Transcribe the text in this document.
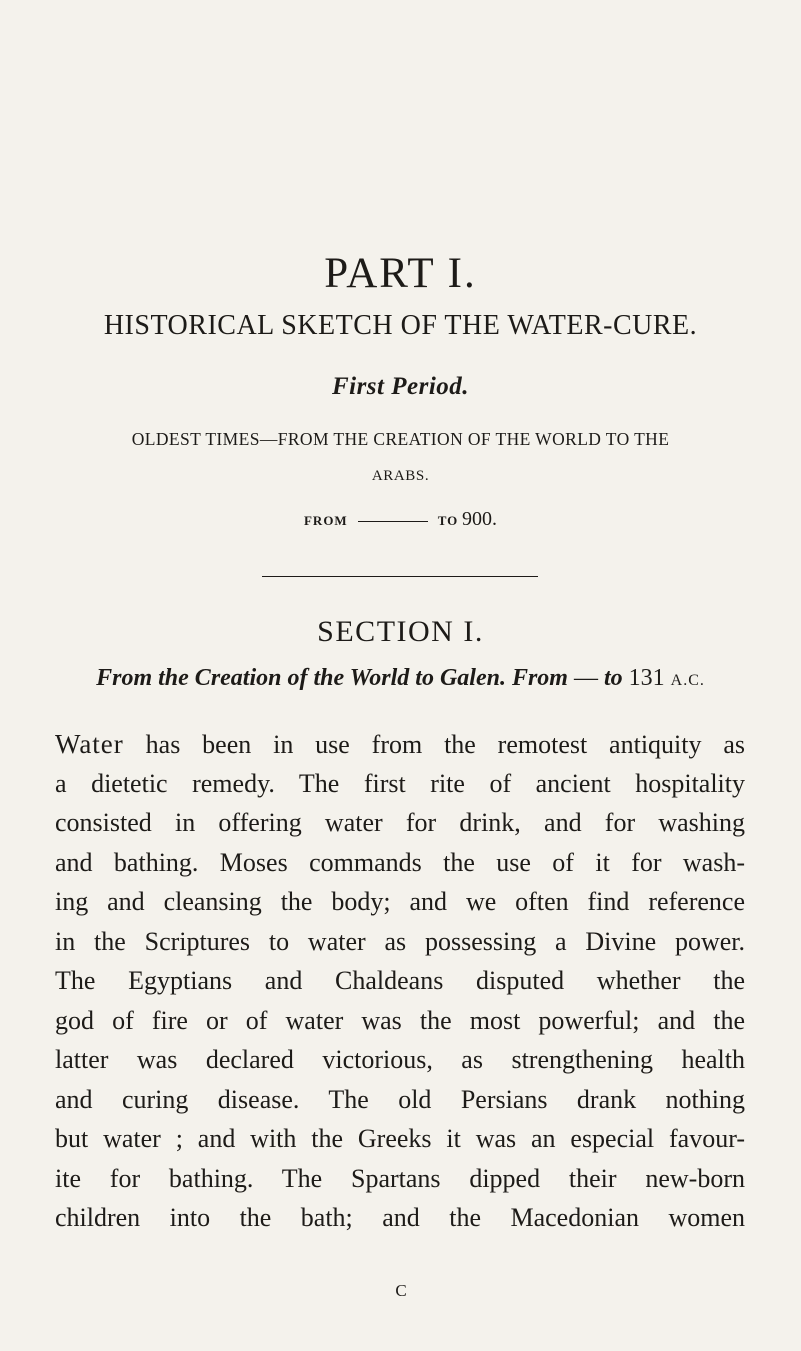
PART I.
HISTORICAL SKETCH OF THE WATER-CURE.
First Period.
OLDEST TIMES—FROM THE CREATION OF THE WORLD TO THE
ARABS.
FROM	TO 900.
SECTION I.
From the Creation of the World to Galen. From — to 131 A.C.
Water has been in use from the remotest antiquity as
a dietetic remedy. The first rite of ancient hospitality
consisted in offering water for drink, and for washing
and bathing. Moses commands the use of it for wash-
ing and cleansing the body; and we often find reference
in the Scriptures to water as possessing a Divine power.
The Egyptians and Chaldeans disputed whether the
god of fire or of water was the most powerful; and the
latter was declared victorious, as strengthening health
and curing disease. The old Persians drank nothing
but water ; and with the Greeks it was an especial favour-
ite for bathing. The Spartans dipped their new-born
C
children into the bath; and the Macedonian women
